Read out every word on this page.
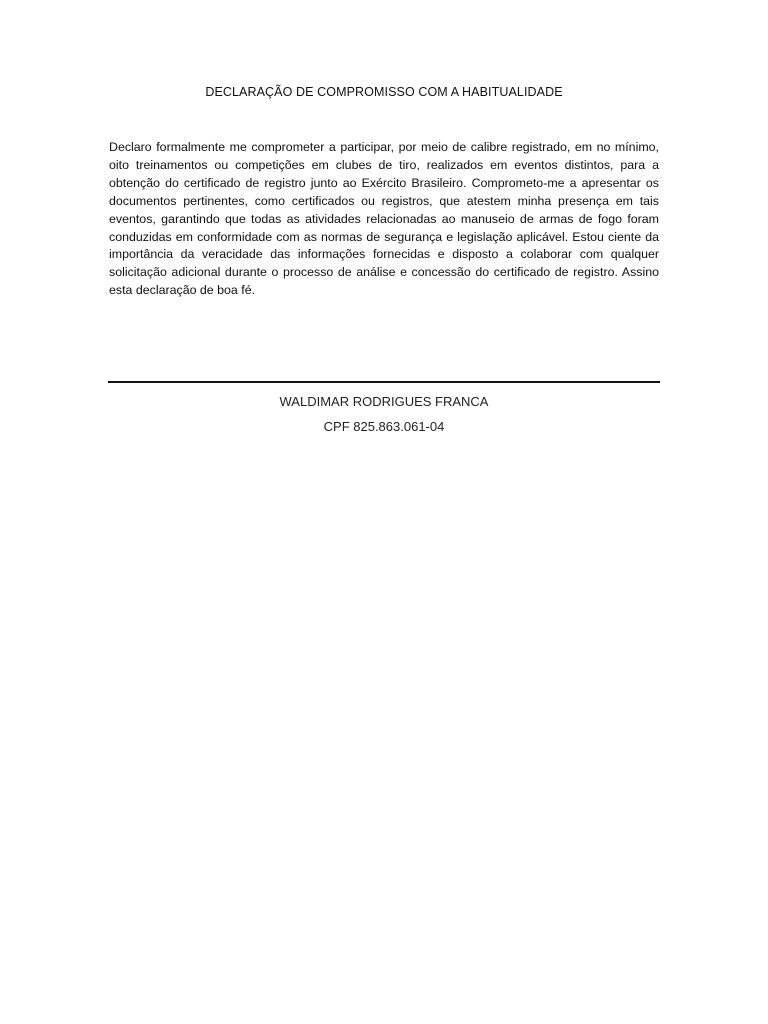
DECLARAÇÃO DE COMPROMISSO COM A HABITUALIDADE

Declaro formalmente me comprometer a participar, por meio de calibre registrado, em no mínimo, oito treinamentos ou competições em clubes de tiro, realizados em eventos distintos, para a obtenção do certificado de registro junto ao Exército Brasileiro. Comprometo-me a apresentar os documentos pertinentes, como certificados ou registros, que atestem minha presença em tais eventos, garantindo que todas as atividades relacionadas ao manuseio de armas de fogo foram conduzidas em conformidade com as normas de segurança e legislação aplicável. Estou ciente da importância da veracidade das informações fornecidas e disposto a colaborar com qualquer solicitação adicional durante o processo de análise e concessão do certificado de registro. Assino esta declaração de boa fé.

WALDIMAR RODRIGUES FRANCA
CPF 825.863.061-04
